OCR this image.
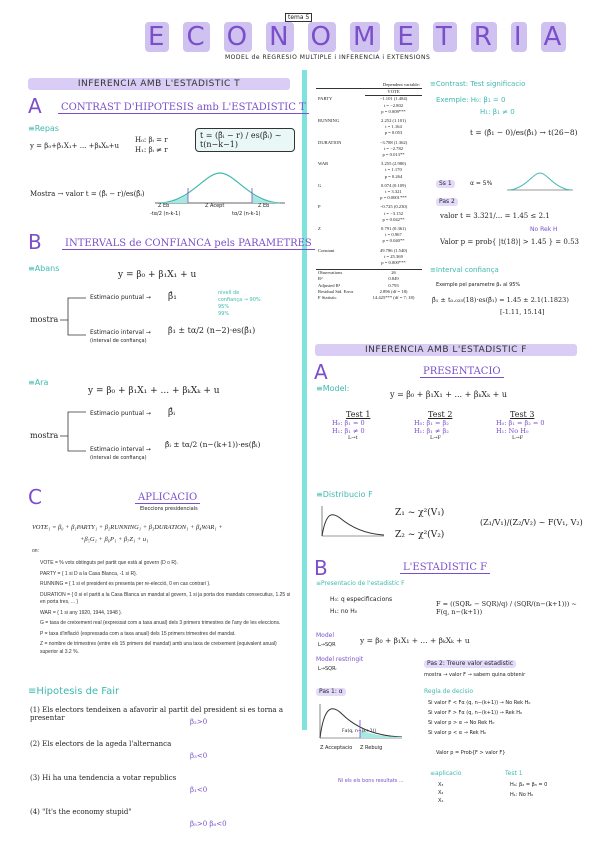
tema 5
E C O N O M E T R I A
MODEL de REGRESIO MULTIPLE i INFERENCIA i EXTENSIONS
INFERENCIA AMB L'ESTADISTIC T
A	CONTRAST D'HIPOTESIS amb L'ESTADISTIC T
≡Repas
y = β₀+β₁X₁+ ... +βₖXₖ+u
H₀: βᵢ = r
H₁: βᵢ ≠ r
t = (β̂ᵢ − r) / es(β̂ᵢ) ~ t(n−k−1)
Mostra → valor t = (β̂ᵢ − r)/es(β̂ᵢ)
Z Eb	Z Acept	Z Eb
-tα/2 (n-k-1)	tα/2 (n-k-1)
B	INTERVALS de CONFIANCA pels PARAMETRES
≡Abans
y = β₀ + β₁X₁ + u
mostra
Estimacio puntual → β̂₁
Estimacio interval →
(interval de confiança)
β̂₁ ± tα/2 (n−2)·es(β̂₁)
nivell de
confiança → 90%
95%
99%
≡Ara
y = β₀ + β₁X₁ + ... + βₖXₖ + u
mostra
Estimacio puntual → β̂ᵢ
Estimacio interval →
(interval de confiança)
β̂ᵢ ± tα/2 (n−(k+1))·es(β̂ᵢ)
C	APLICACIO
Eleccions presidencials
VOTE₁ = β₀ + β₁PARTY₁ + β₂RUNNING₁ + β₃DURATION₁ + β₄WAR₁ +
+β₅G₁ + β₆P₁ + β₇Z₁ + u₁
on:
VOTE = % vots obtinguts pel partit que està al govern (D o R).
PARTY = { 1 si D a la Casa Blanca, -1 si R}.
RUNNING = { 1 si el president es presenta per re-elecció, 0 en cas contrari }.
DURATION = { 0 si el partit a la Casa Blanca un mandat al govern, 1 si ja porta dos mandats consecutius, 1.25 si en porta tres, ... }
WAR = { 1 si any 1920, 1944, 1948 }.
G = taxa de creixement real (expressat com a taxa anual) dels 3 primers trimestres de l'any de les eleccions.
P = taxa d'inflació (expressada com a taxa anual) dels 15 primers trimestres del mandat.
Z = nombre de trimestres (entre els 15 primers del mandat) amb una taxa de creixement (equivalent anual) superior al 3.2 %.
≡Hipotesis de Fair
(1) Els electors tendeixen a afavorir al partit del president si es torna a presentar	β₂>0
(2) Els electors de la ageda l'alternanca
β₃<0
(3) Hi ha una tendencia a votar republics
β₁<0
(4) "It's the economy stupid"
β₅>0 β₆<0
Dependent variable:	
	VOTE
PARTY	−1.101 (1.484)
	t = −2.802
	p = 0.008***

RUNNING	2.252 (1.101)
	t = 1.164
	p = 0.053

DURATION	−3.788 (1.362)
	t = −2.782
	p = 0.013**

WAR	3.255 (2.980)
	t = 1.170
	p = 0.264

G	0.074 (0.109)
	t = 3.321
	p = 0.0001***

P	−0.725 (0.230)
	t = −3.152
	p = 0.042**

Z	0.791 (0.361)
	t = 0.967
	p = 0.040**

Constant	49.786 (1.540)
	t = 25.369
	p = 0.000***

Observations	26
R²	0.849
Adjusted R²	0.793
Residual Std. Error	2.896 (df = 18)
F Statistic	14.425*** (df = 7; 18)
≡Contrast: Test significacio
Exemple: H₀: β₁ = 0
H₁: β₁ ≠ 0
t = (β̂₁ − 0)/es(β̂₁) → t(26−8)
Ss 1	α = 5%
Pas 2
valor t = 3.321/... = 1.45 ≤ 2.1
Valor p = prob{ |t(18)| > 1.45 } = 0.53
No Rek H
≡Interval confiança
Exemple pel parametre β₁ al 95%
β̂₁ ± t₀.₀₂₅(18)·es(β̂₁) = 1.45 ± 2.1(1.1823)
[-1.11, 15.14]
INFERENCIA AMB L'ESTADISTIC F
A	PRESENTACIO
≡Model:
y = β₀ + β₁X₁ + ... + βₖXₖ + u
Test 1
H₀: β₁ = 0
H₁: β₁ ≠ 0
L→t
Test 2
H₀: β₁ = β₂
H₁: β₁ ≠ β₂
L→F
Test 3
H₀: β₁ = β₂ = 0
H₁: No H₀
L→F
≡Distribucio F
Z₁ ~ χ²(V₁)
Z₂ ~ χ²(V₂)
(Z₁/V₁)/(Z₂/V₂) ~ F(V₁, V₂)
B	L'ESTADISTIC F
≡Presentacio de l'estadistic F
H₀: q especificacions
H₁: no H₀
F = ((SQRᵣ − SQR)/q) / (SQR/(n−(k+1))) ~ F(q, n−(k+1))
Model
L→SQR	y = β₀ + β₁X₁ + ... + βₖXₖ + u
Model restringit
L→SQRᵣ
Pas 1: α
Z Acceptacio Z Rebuig
Fα(q, n−(k+1))
Pas 2: Treure valor estadistic
mostra → valor F → sabem quina obtenir
Regla de decisio
Si valor F < Fα (q, n−(k+1)) → No Rek H₀
Si valor F > Fα (q, n−(k+1)) → Rek H₀
Si valor p > α → No Rek H₀
Si valor p < α → Rek H₀
Valor p = Prob{F > valor F}
≡aplicacio
X₃
X₂
X₁
Test 1
H₀: β₂ = β₃ = 0
H₁: No H₀
Ni els els bons resultats ...
